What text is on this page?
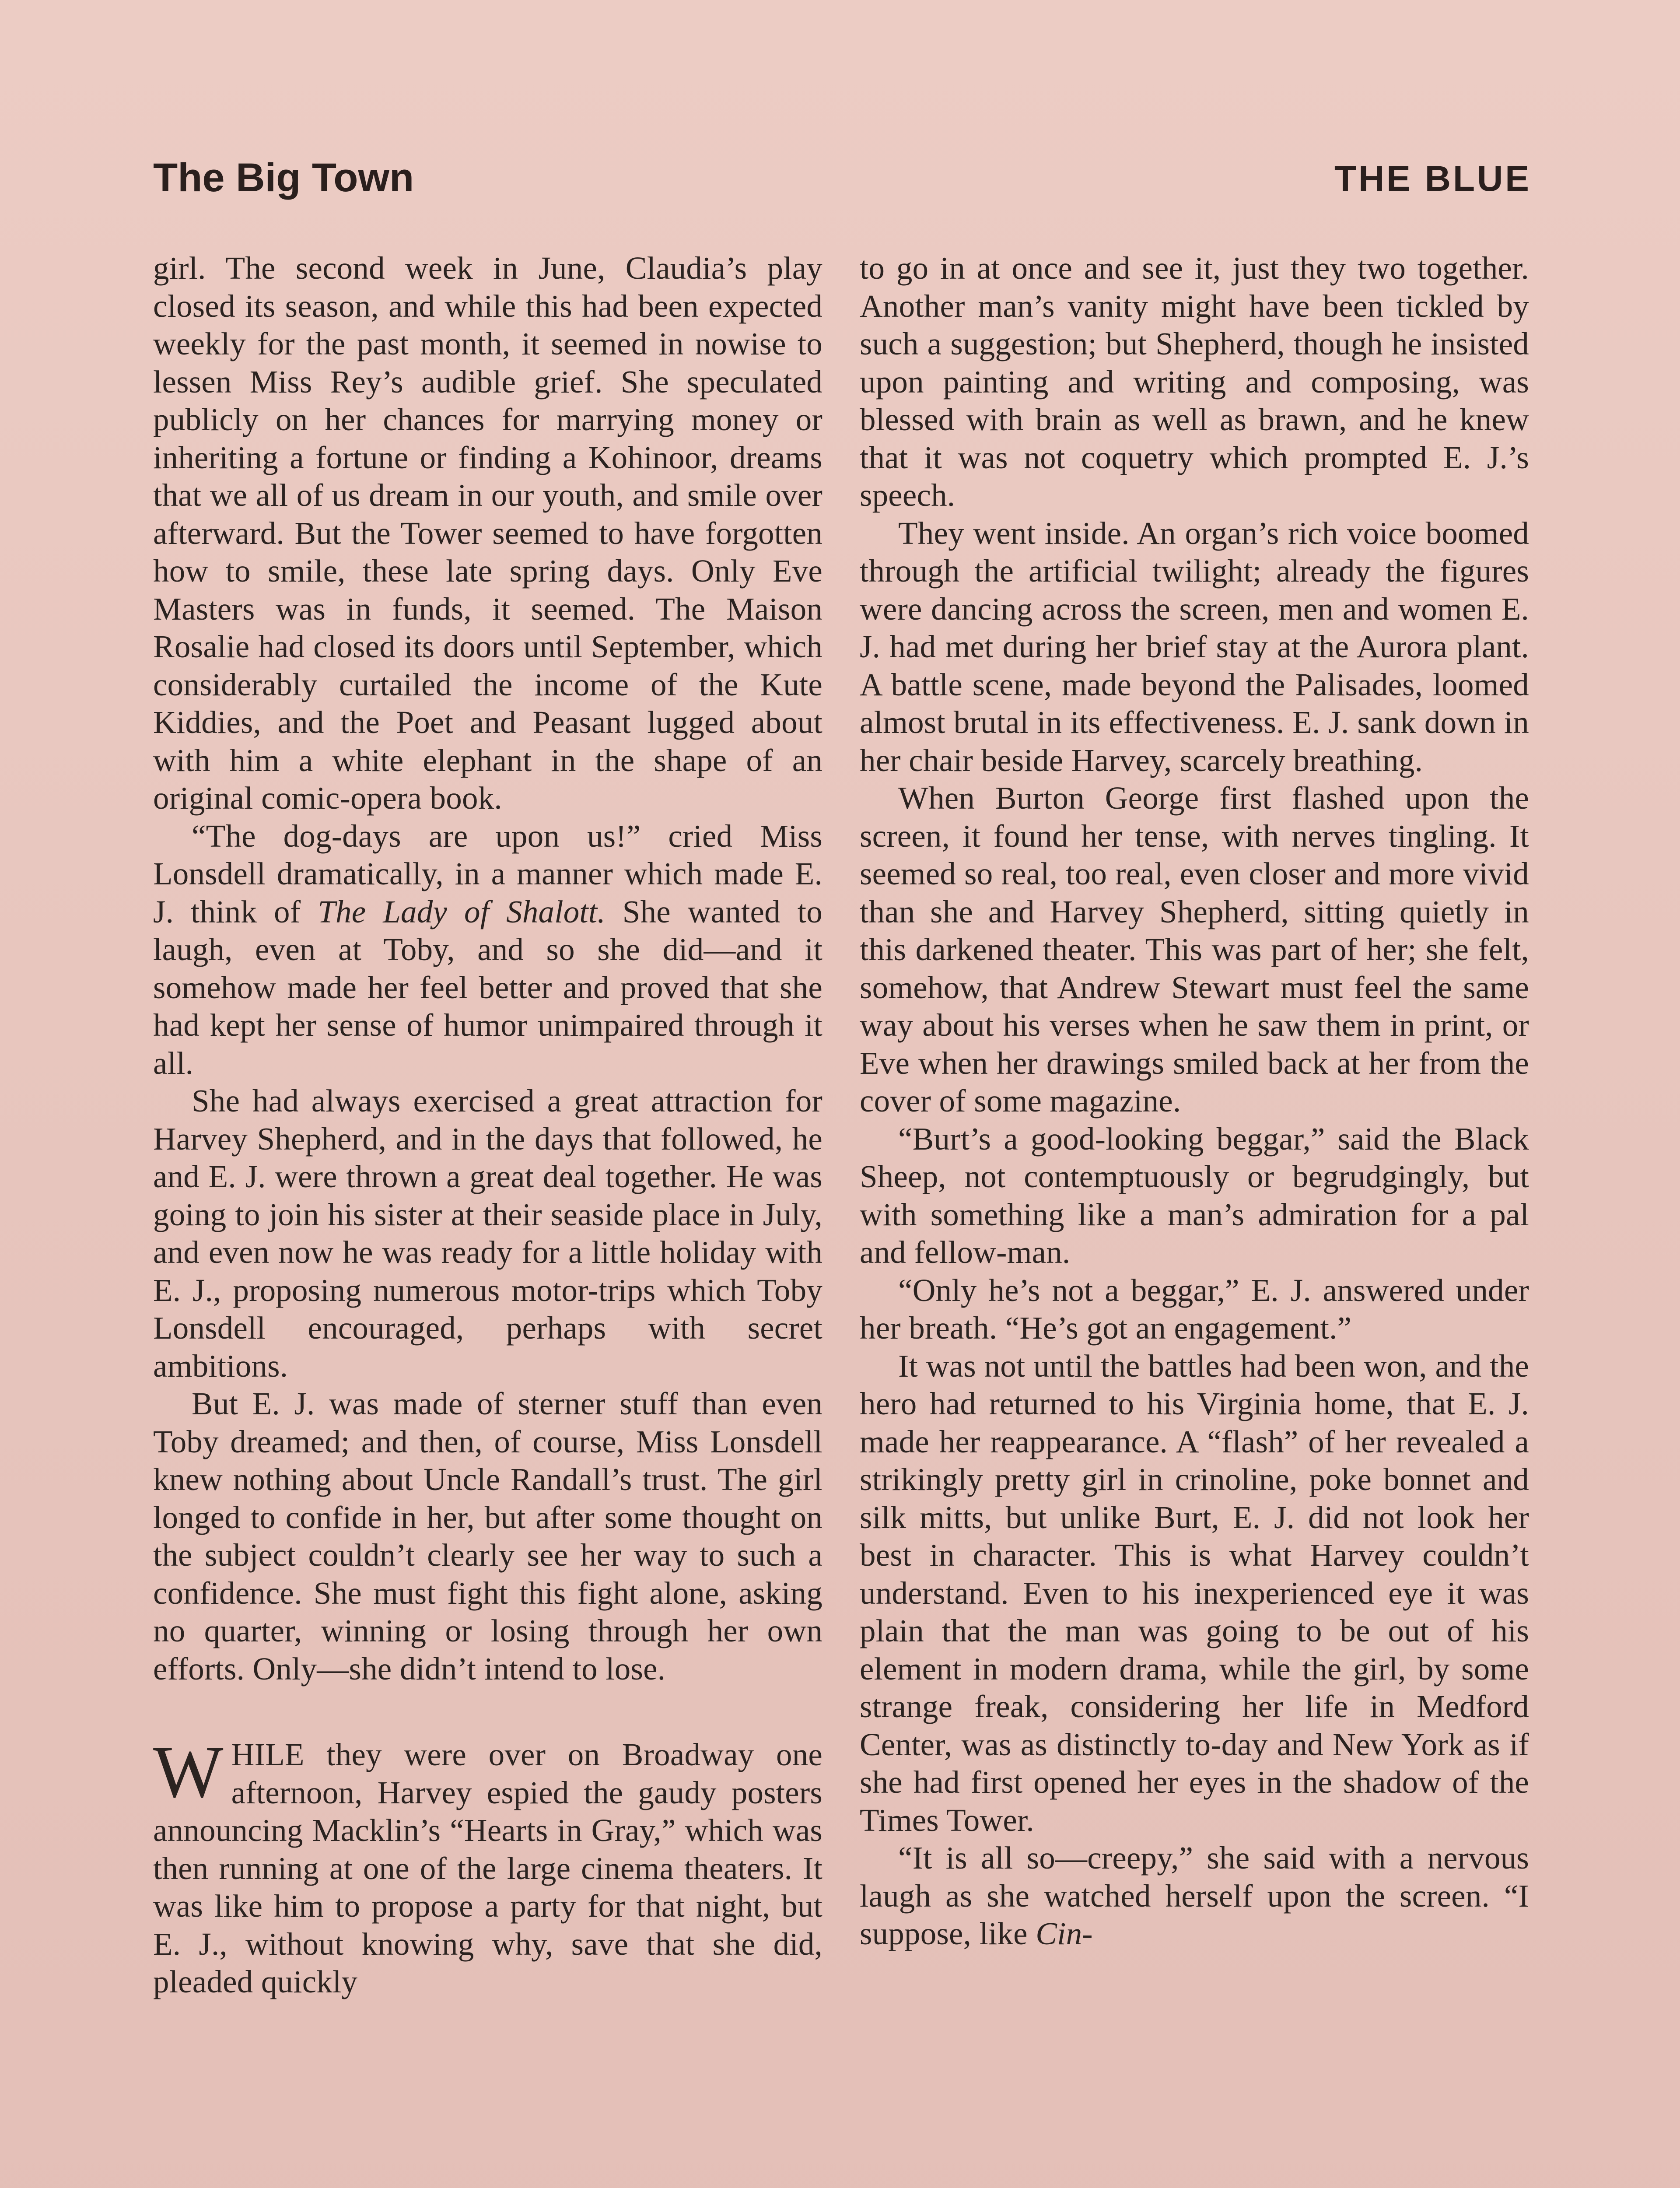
The Big Town	THE BLUE

girl. The second week in June, Claudia’s play closed its season, and while this had been expected weekly for the past month, it seemed in nowise to lessen Miss Rey’s audible grief. She speculated publicly on her chances for marrying money or inheriting a fortune or finding a Kohinoor, dreams that we all of us dream in our youth, and smile over afterward. But the Tower seemed to have forgotten how to smile, these late spring days. Only Eve Masters was in funds, it seemed. The Maison Rosalie had closed its doors until September, which considerably curtailed the income of the Kute Kiddies, and the Poet and Peasant lugged about with him a white elephant in the shape of an original comic-opera book.

“The dog-days are upon us!” cried Miss Lonsdell dramatically, in a manner which made E. J. think of The Lady of Shalott. She wanted to laugh, even at Toby, and so she did—and it somehow made her feel better and proved that she had kept her sense of humor unimpaired through it all.

She had always exercised a great attraction for Harvey Shepherd, and in the days that followed, he and E. J. were thrown a great deal together. He was going to join his sister at their seaside place in July, and even now he was ready for a little holiday with E. J., proposing numerous motor-trips which Toby Lonsdell encouraged, perhaps with secret ambitions.

But E. J. was made of sterner stuff than even Toby dreamed; and then, of course, Miss Lonsdell knew nothing about Uncle Randall’s trust. The girl longed to confide in her, but after some thought on the subject couldn’t clearly see her way to such a confidence. She must fight this fight alone, asking no quarter, winning or losing through her own efforts. Only—she didn’t intend to lose.

WHILE they were over on Broadway one afternoon, Harvey espied the gaudy posters announcing Macklin’s “Hearts in Gray,” which was then running at one of the large cinema theaters. It was like him to propose a party for that night, but E. J., without knowing why, save that she did, pleaded quickly

to go in at once and see it, just they two together. Another man’s vanity might have been tickled by such a suggestion; but Shepherd, though he insisted upon painting and writing and composing, was blessed with brain as well as brawn, and he knew that it was not coquetry which prompted E. J.’s speech.

They went inside. An organ’s rich voice boomed through the artificial twilight; already the figures were dancing across the screen, men and women E. J. had met during her brief stay at the Aurora plant. A battle scene, made beyond the Palisades, loomed almost brutal in its effectiveness. E. J. sank down in her chair beside Harvey, scarcely breathing.

When Burton George first flashed upon the screen, it found her tense, with nerves tingling. It seemed so real, too real, even closer and more vivid than she and Harvey Shepherd, sitting quietly in this darkened theater. This was part of her; she felt, somehow, that Andrew Stewart must feel the same way about his verses when he saw them in print, or Eve when her drawings smiled back at her from the cover of some magazine.

“Burt’s a good-looking beggar,” said the Black Sheep, not contemptuously or begrudgingly, but with something like a man’s admiration for a pal and fellow-man.

“Only he’s not a beggar,” E. J. answered under her breath. “He’s got an engagement.”

It was not until the battles had been won, and the hero had returned to his Virginia home, that E. J. made her reappearance. A “flash” of her revealed a strikingly pretty girl in crinoline, poke bonnet and silk mitts, but unlike Burt, E. J. did not look her best in character. This is what Harvey couldn’t understand. Even to his inexperienced eye it was plain that the man was going to be out of his element in modern drama, while the girl, by some strange freak, considering her life in Medford Center, was as distinctly to-day and New York as if she had first opened her eyes in the shadow of the Times Tower.

“It is all so—creepy,” she said with a nervous laugh as she watched herself upon the screen. “I suppose, like Cin-
